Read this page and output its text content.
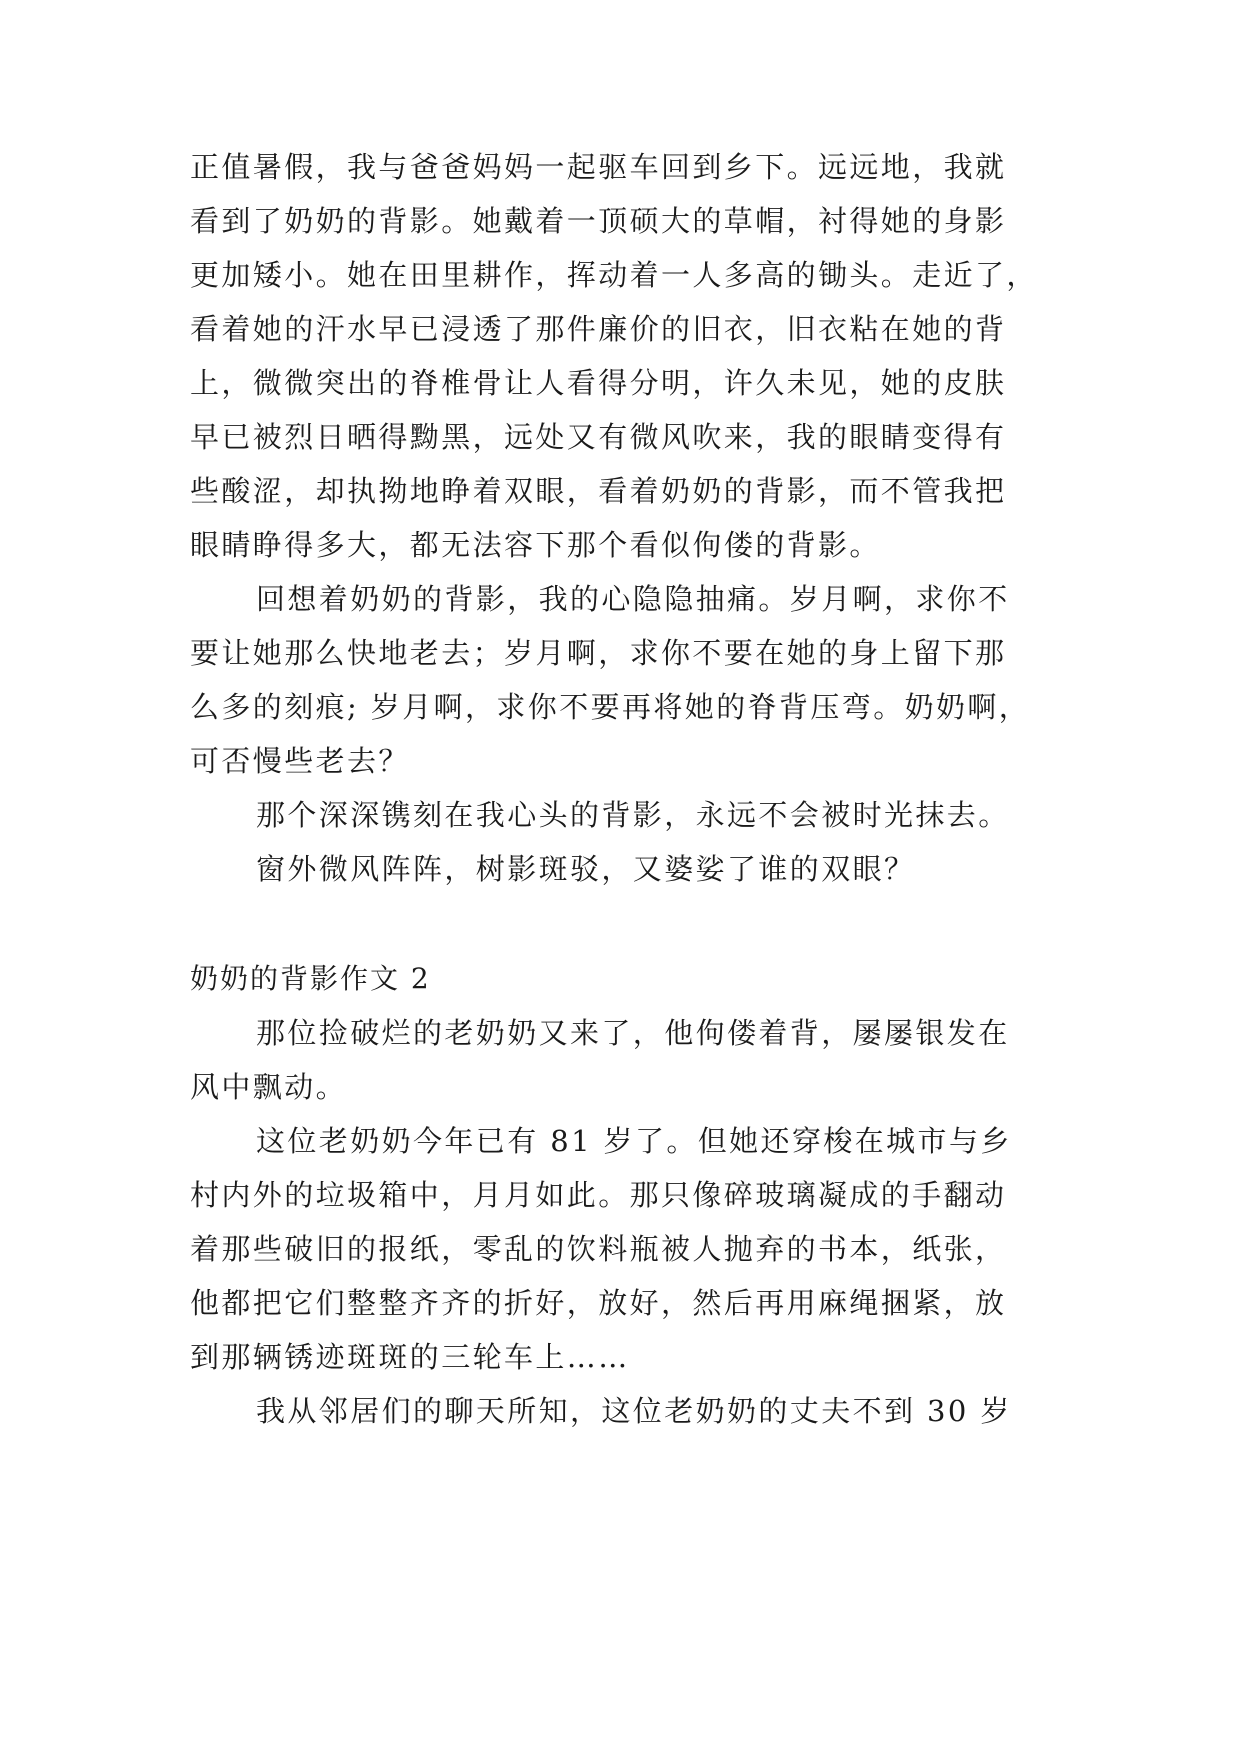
正值暑假，我与爸爸妈妈一起驱车回到乡下。远远地，我就
看到了奶奶的背影。她戴着一顶硕大的草帽，衬得她的身影
更加矮小。她在田里耕作，挥动着一人多高的锄头。走近了，
看着她的汗水早已浸透了那件廉价的旧衣，旧衣粘在她的背
上，微微突出的脊椎骨让人看得分明，许久未见，她的皮肤
早已被烈日晒得黝黑，远处又有微风吹来，我的眼睛变得有
些酸涩，却执拗地睁着双眼，看着奶奶的背影，而不管我把
眼睛睁得多大，都无法容下那个看似佝偻的背影。
回想着奶奶的背影，我的心隐隐抽痛。岁月啊，求你不
要让她那么快地老去；岁月啊，求你不要在她的身上留下那
么多的刻痕; 岁月啊，求你不要再将她的脊背压弯。奶奶啊，
可否慢些老去？
那个深深镌刻在我心头的背影，永远不会被时光抹去。
窗外微风阵阵，树影斑驳，又婆娑了谁的双眼？
奶奶的背影作文 2
那位捡破烂的老奶奶又来了，他佝偻着背，屡屡银发在
风中飘动。
这位老奶奶今年已有 81 岁了。但她还穿梭在城市与乡
村内外的垃圾箱中，月月如此。那只像碎玻璃凝成的手翻动
着那些破旧的报纸，零乱的饮料瓶被人抛弃的书本，纸张，
他都把它们整整齐齐的折好，放好，然后再用麻绳捆紧，放
到那辆锈迹斑斑的三轮车上……
我从邻居们的聊天所知，这位老奶奶的丈夫不到 30 岁
